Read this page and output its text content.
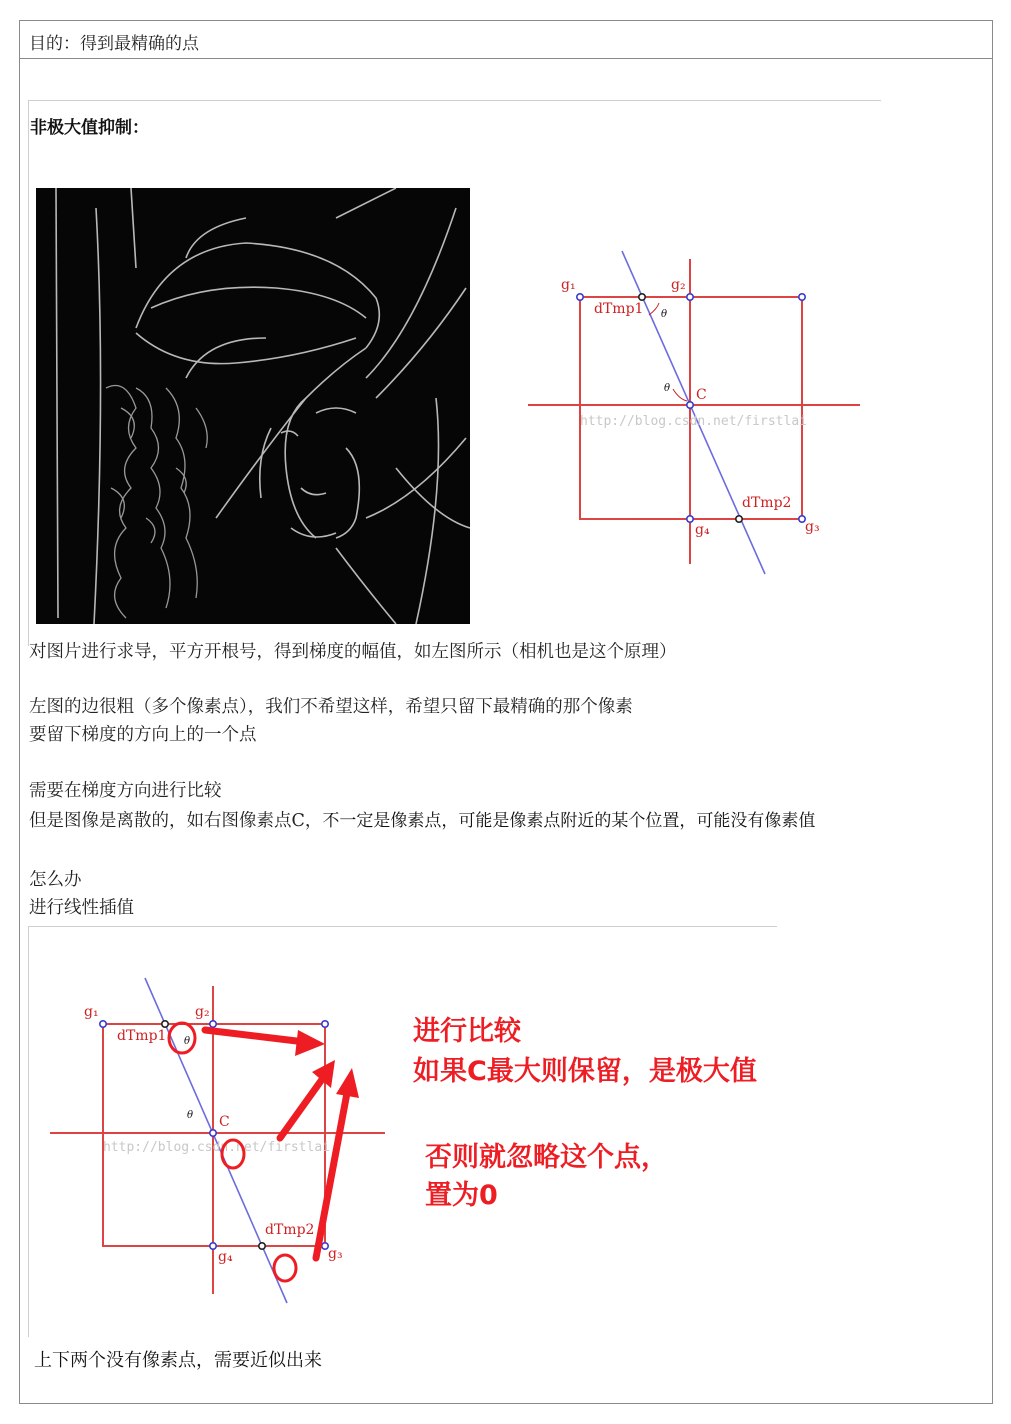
目的：得到最精确的点
非极大值抑制：
http://blog.csdn.net/firstlai
g₁	g₂
g₃
g₄
dTmp1
dTmp2
C
θ
θ
对图片进行求导，平方开根号，得到梯度的幅值，如左图所示（相机也是这个原理）
左图的边很粗（多个像素点），我们不希望这样，希望只留下最精确的那个像素
要留下梯度的方向上的一个点
需要在梯度方向进行比较
但是图像是离散的，如右图像素点C，不一定是像素点，可能是像素点附近的某个位置，可能没有像素值
怎么办
进行线性插值
http://blog.csdn.net/firstlai
g₁	g₂
g₃
g₄
dTmp1
dTmp2
C
θ
θ
进行比较
如果C最大则保留，是极大值
否则就忽略这个点，
置为0
上下两个没有像素点，需要近似出来
